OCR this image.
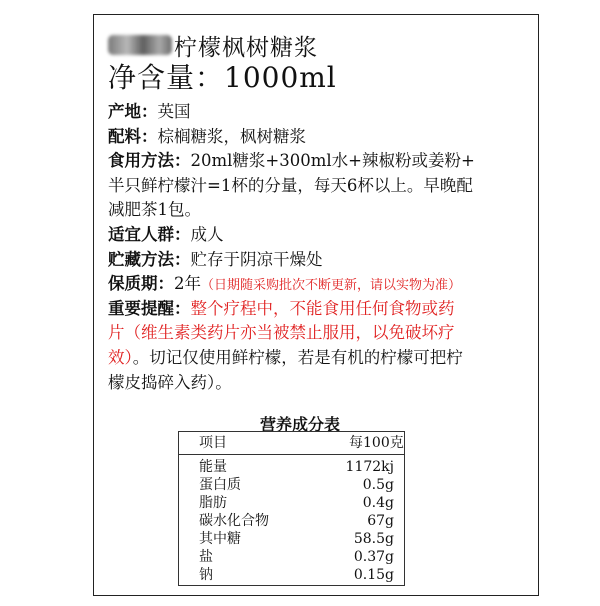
柠檬枫树糖浆
净含量：1000ml
产地：英国
配料：棕榈糖浆，枫树糖浆
食用方法：20ml糖浆+300ml水+辣椒粉或姜粉+
半只鲜柠檬汁=1杯的分量，每天6杯以上。早晚配
减肥茶1包。
适宜人群：成人
贮藏方法：贮存于阴凉干燥处
保质期：2年（日期随采购批次不断更新，请以实物为准）
重要提醒：整个疗程中，不能食用任何食物或药
片（维生素类药片亦当被禁止服用，以免破坏疗
效）。切记仅使用鲜柠檬，若是有机的柠檬可把柠
檬皮捣碎入药）。
营养成分表
项目	每100克
能量	1172kj
蛋白质	0.5g
脂肪	0.4g
碳水化合物	67g
其中糖	58.5g
盐	0.37g
钠	0.15g
